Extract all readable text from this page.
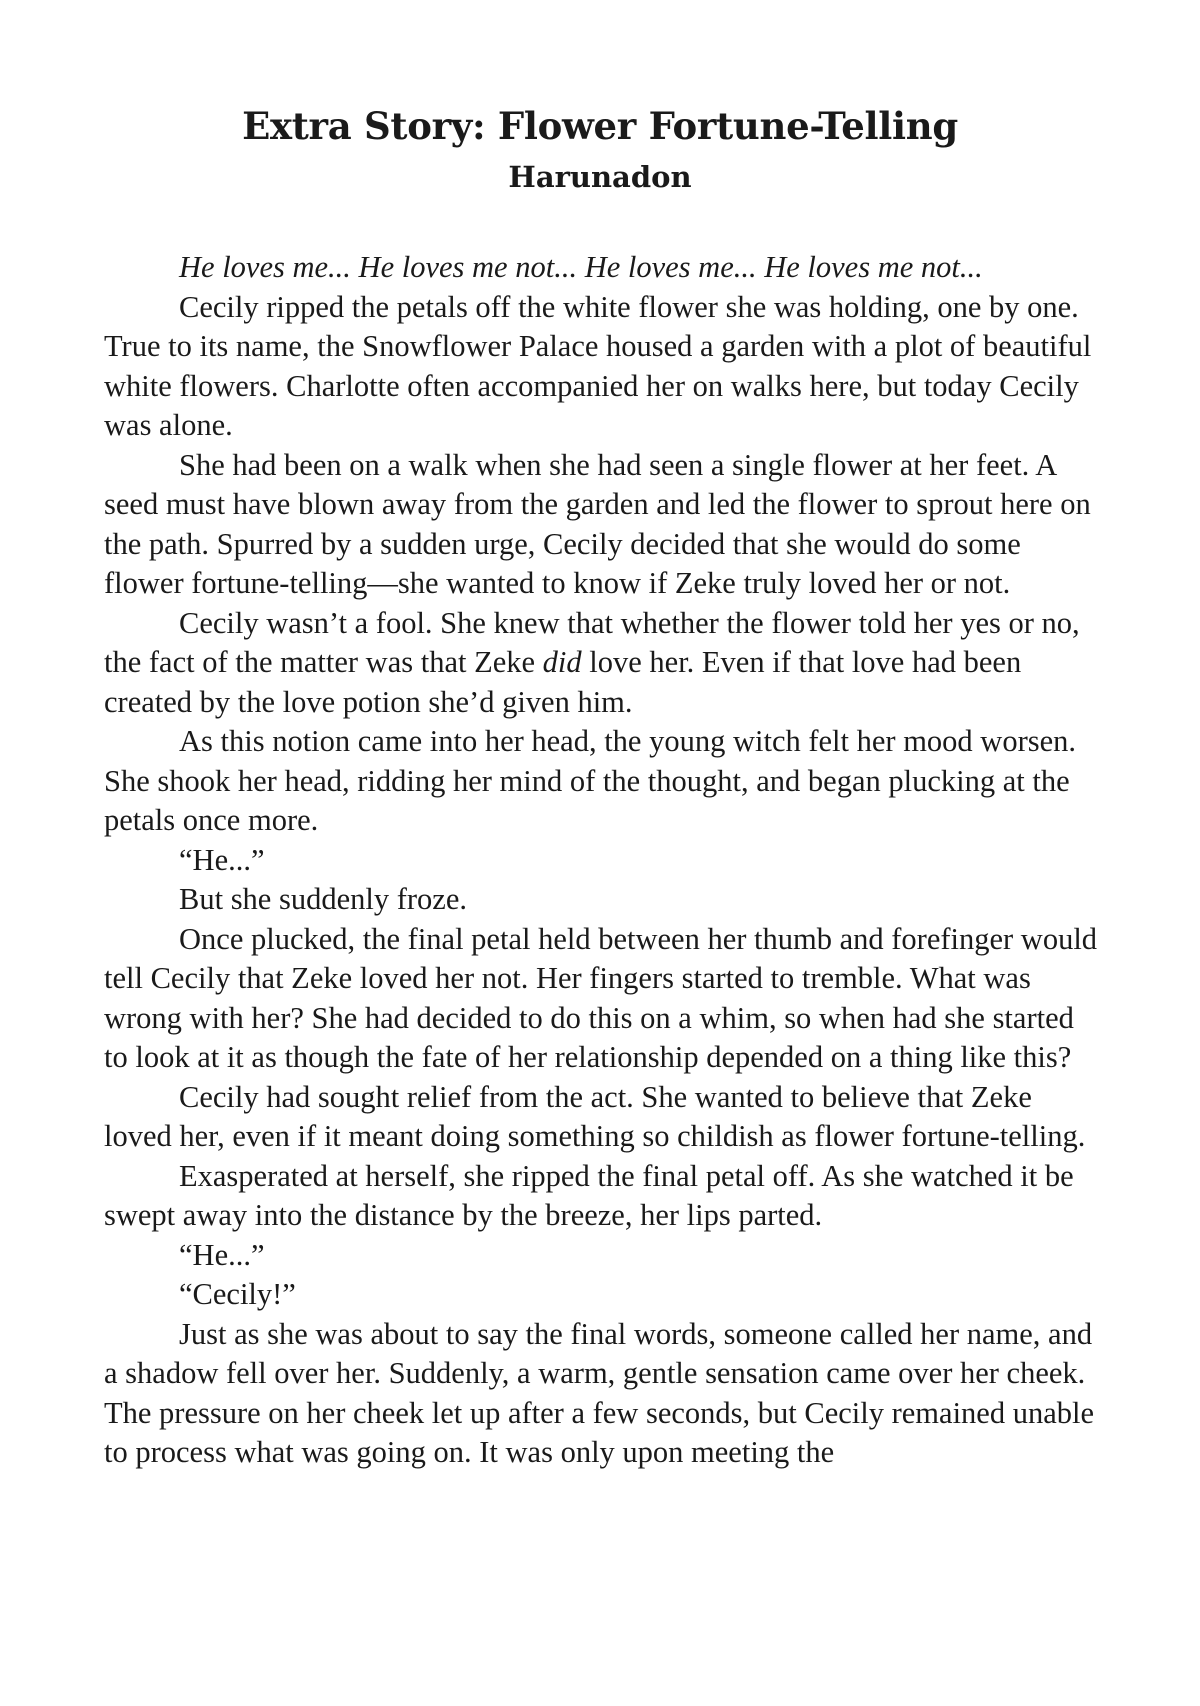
Extra Story: Flower Fortune-Telling
Harunadon

He loves me... He loves me not... He loves me... He loves me not...

Cecily ripped the petals off the white flower she was holding, one by one. True to its name, the Snowflower Palace housed a garden with a plot of beautiful white flowers. Charlotte often accompanied her on walks here, but today Cecily was alone.

She had been on a walk when she had seen a single flower at her feet. A seed must have blown away from the garden and led the flower to sprout here on the path. Spurred by a sudden urge, Cecily decided that she would do some flower fortune-telling—she wanted to know if Zeke truly loved her or not.

Cecily wasn’t a fool. She knew that whether the flower told her yes or no, the fact of the matter was that Zeke did love her. Even if that love had been created by the love potion she’d given him.

As this notion came into her head, the young witch felt her mood worsen. She shook her head, ridding her mind of the thought, and began plucking at the petals once more.

“He...”

But she suddenly froze.

Once plucked, the final petal held between her thumb and forefinger would tell Cecily that Zeke loved her not. Her fingers started to tremble. What was wrong with her? She had decided to do this on a whim, so when had she started to look at it as though the fate of her relationship depended on a thing like this?

Cecily had sought relief from the act. She wanted to believe that Zeke loved her, even if it meant doing something so childish as flower fortune-telling.

Exasperated at herself, she ripped the final petal off. As she watched it be swept away into the distance by the breeze, her lips parted.

“He...”

“Cecily!”

Just as she was about to say the final words, someone called her name, and a shadow fell over her. Suddenly, a warm, gentle sensation came over her cheek. The pressure on her cheek let up after a few seconds, but Cecily remained unable to process what was going on. It was only upon meeting the
